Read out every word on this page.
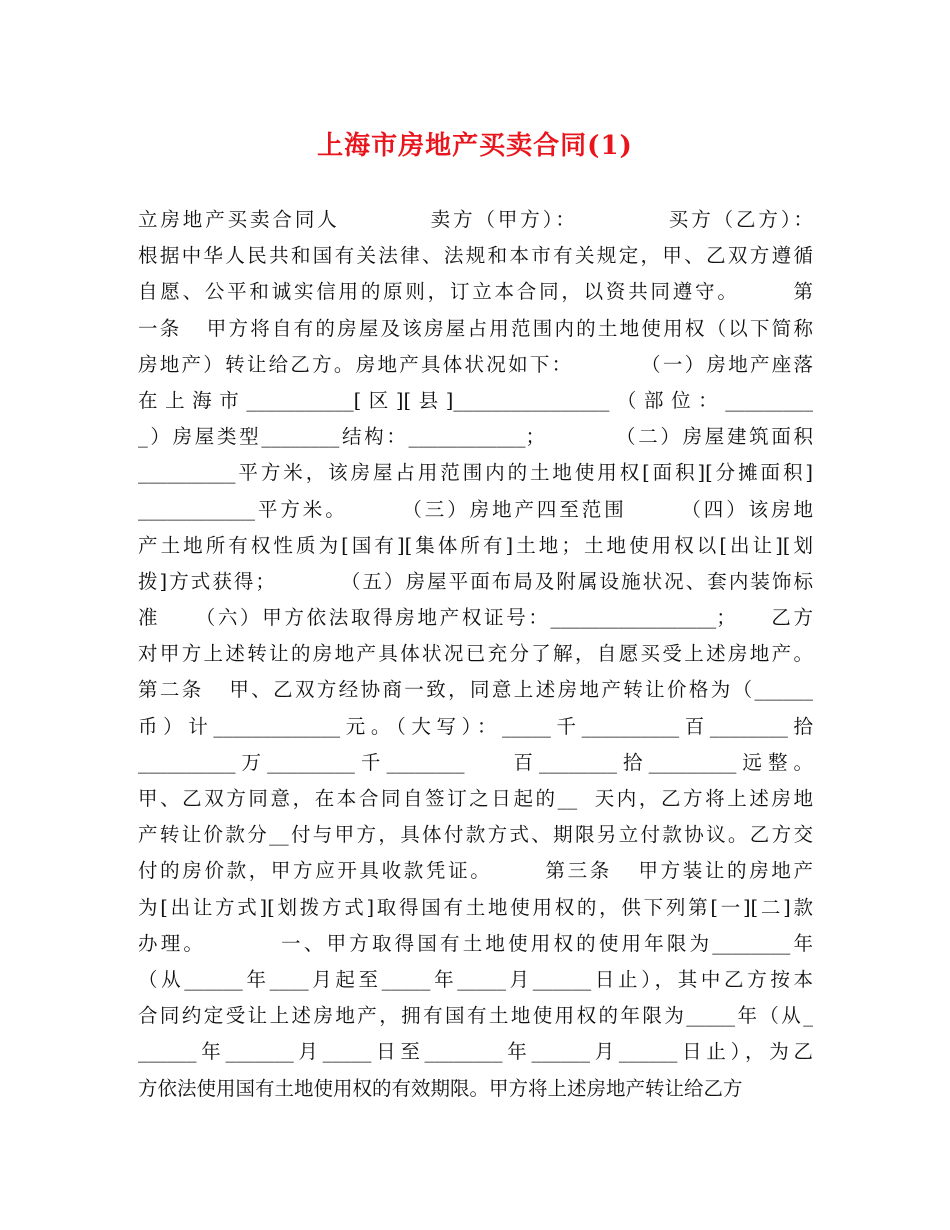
上海市房地产买卖合同(1)
立房地产买卖合同人          卖方（甲方）：          买方（乙方）：
根据中华人民共和国有关法律、法规和本市有关规定，甲、乙双方遵循
自愿、公平和诚实信用的原则，订立本合同，以资共同遵守。      第
一条   甲方将自有的房屋及该房屋占用范围内的土地使用权（以下简称
房地产）转让给乙方。房地产具体状况如下：        （一）房地产座落
在上海市___________[区][县]________________（部位：_________
_）房屋类型________结构：____________；        （二）房屋建筑面积
__________平方米，该房屋占用范围内的土地使用权[面积][分摊面积]
____________平方米。      （三）房地产四至范围      （四）该房地
产土地所有权性质为[国有][集体所有]土地；土地使用权以[出让][划
拨]方式获得；        （五）房屋平面布局及附属设施状况、套内装饰标
准    （六）甲方依法取得房地产权证号：_________________；    乙方
对甲方上述转让的房地产具体状况已充分了解，自愿买受上述房地产。
第二条   甲、乙双方经协商一致，同意上述房地产转让价格为（______
币）计_____________元。（大写）：_____千__________百________拾
__________万_________千________    百________拾_________远整。
甲、乙双方同意，在本合同自签订之日起的__  天内，乙方将上述房地
产转让价款分__付与甲方，具体付款方式、期限另立付款协议。乙方交
付的房价款，甲方应开具收款凭证。      第三条   甲方装让的房地产
为[出让方式][划拨方式]取得国有土地使用权的，供下列第[一][二]款
办理。        一、甲方取得国有土地使用权的使用年限为________年
（从______年____月起至_____年_____月______日止），其中乙方按本
合同约定受让上述房地产，拥有国有土地使用权的年限为_____年（从_
______年_______月_____日至________年______月______日止），为乙
方依法使用国有土地使用权的有效期限。甲方将上述房地产转让给乙方
